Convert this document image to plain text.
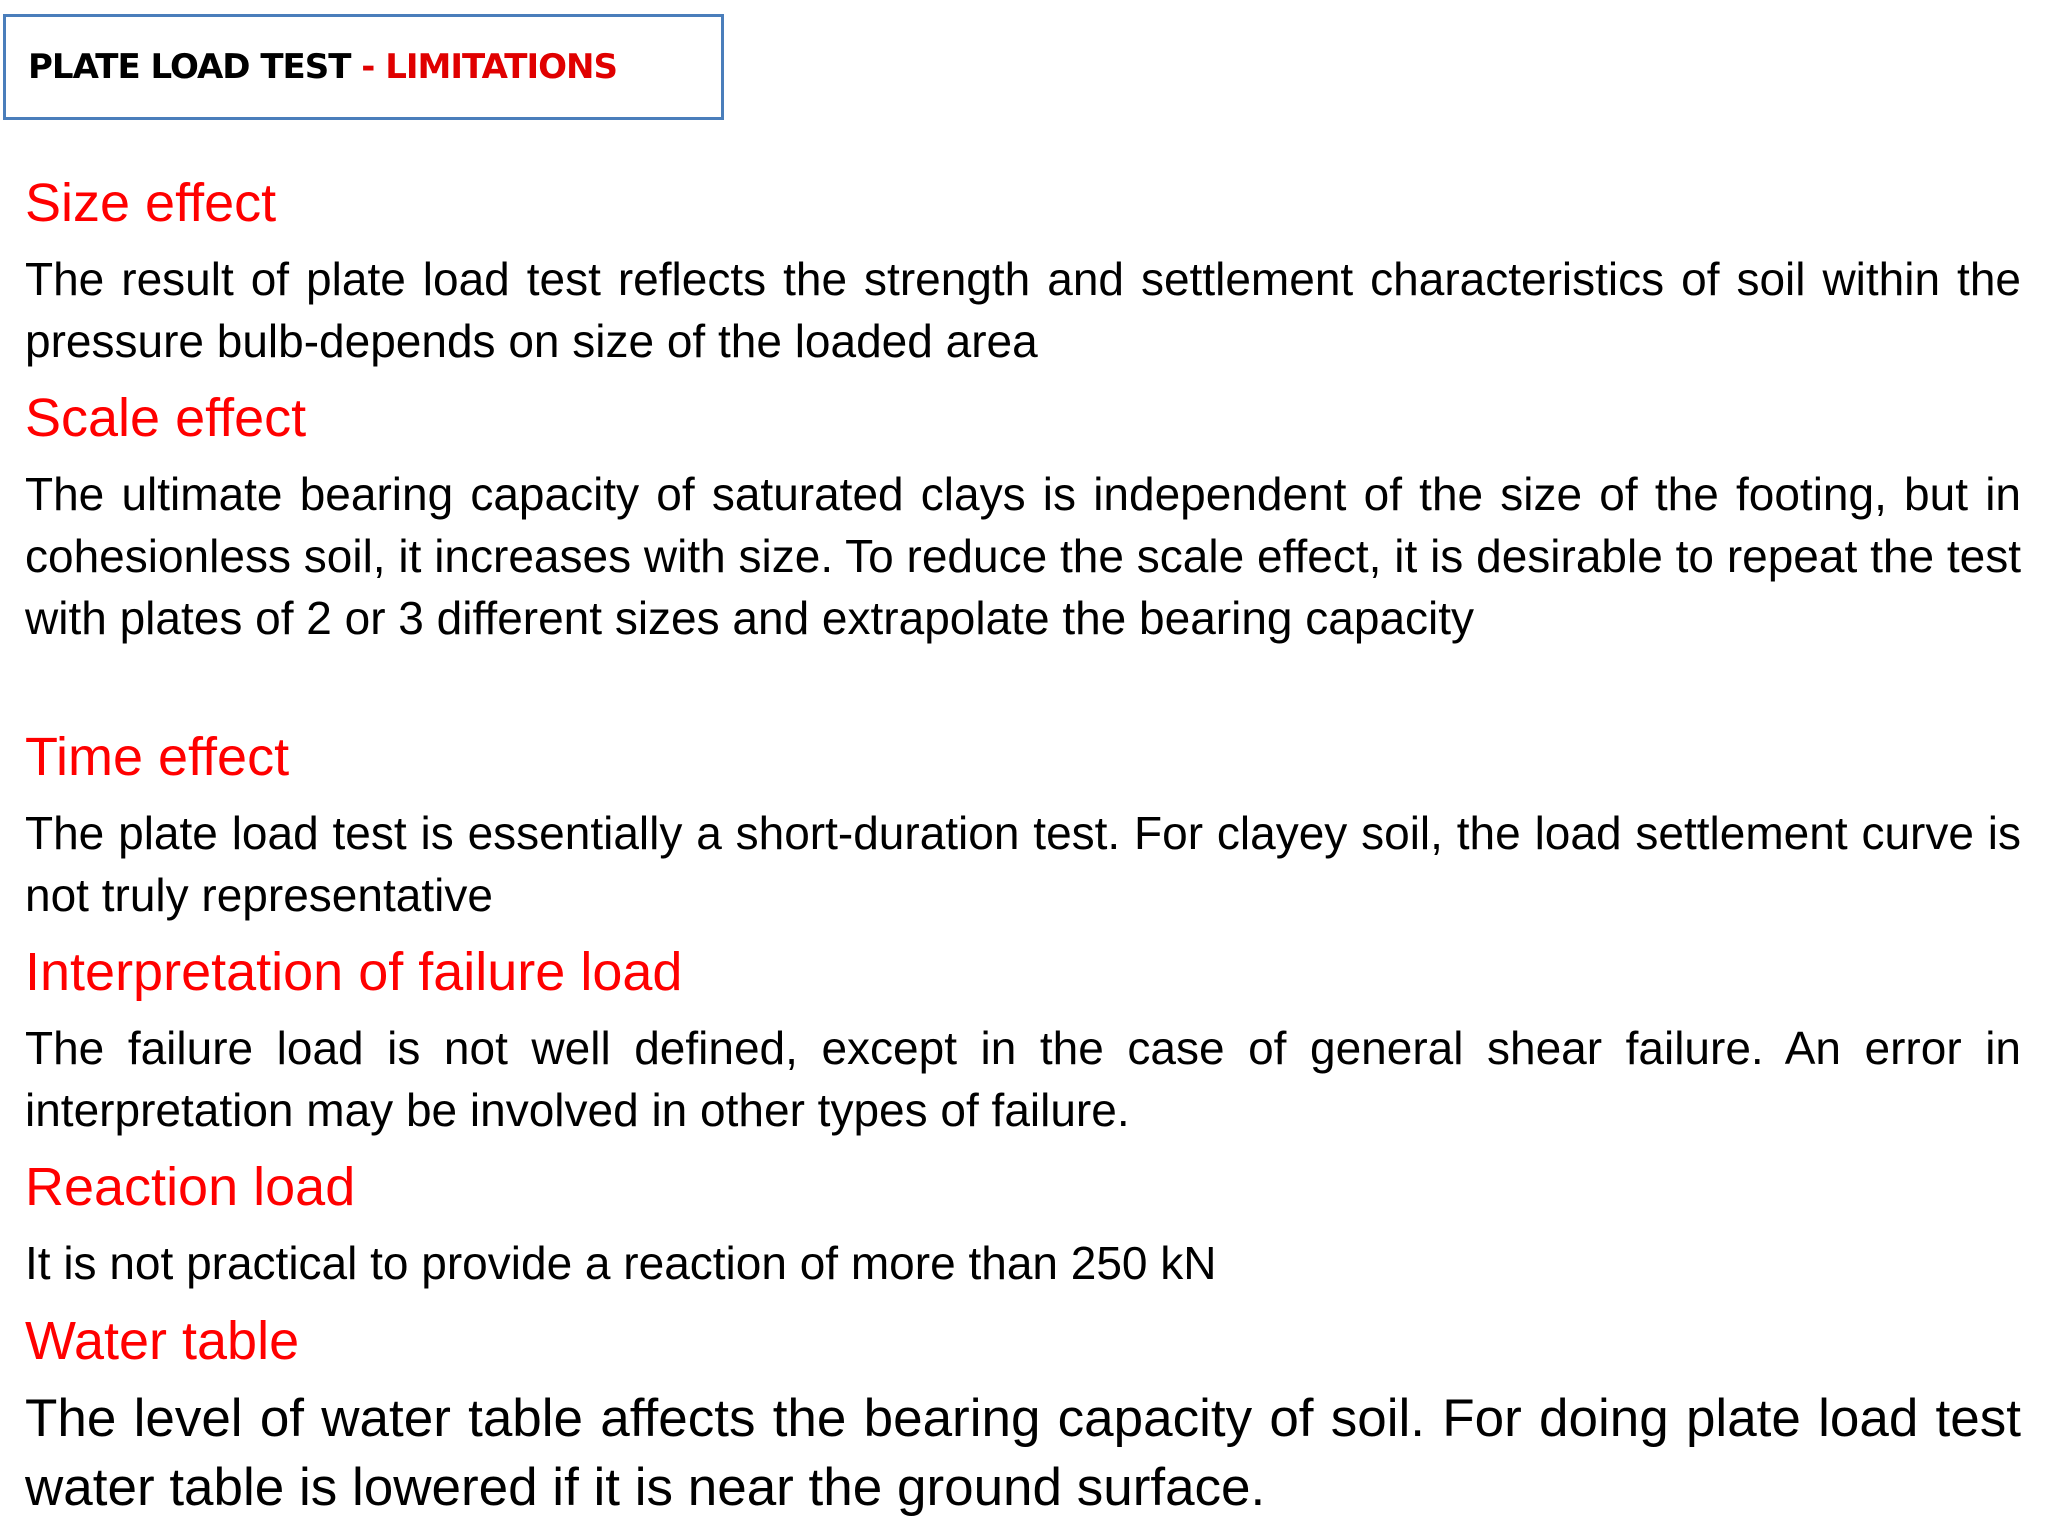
PLATE LOAD TEST - LIMITATIONS
Size effect

The result of plate load test reflects the strength and settlement characteristics of soil within the pressure bulb-depends on size of the loaded area

Scale effect

The ultimate bearing capacity of saturated clays is independent of the size of the footing, but in cohesionless soil, it increases with size. To reduce the scale effect, it is desirable to repeat the test with plates of 2 or 3 different sizes and extrapolate the bearing capacity

Time effect

The plate load test is essentially a short-duration test. For clayey soil, the load settlement curve is not truly representative

Interpretation of failure load

The failure load is not well defined, except in the case of general shear failure. An error in interpretation may be involved in other types of failure.

Reaction load

It is not practical to provide a reaction of more than 250 kN

Water table

The level of water table affects the bearing capacity of soil. For doing plate load test water table is lowered if it is near the ground surface.
